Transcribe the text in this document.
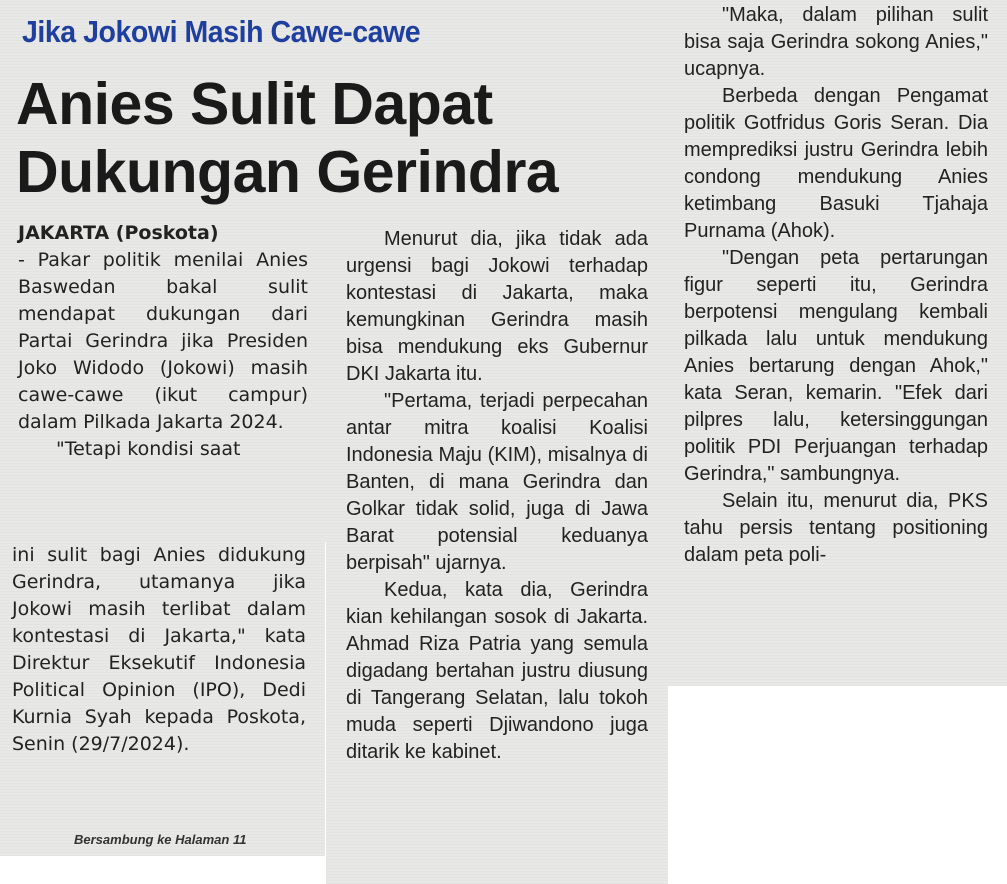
Jika Jokowi Masih Cawe-cawe
Anies Sulit Dapat
Dukungan Gerindra

JAKARTA (Poskota)

- Pakar politik menilai Anies Baswedan bakal sulit mendapat dukungan dari Partai Gerindra jika Presiden Joko Widodo (Jokowi) masih cawe-cawe (ikut campur) dalam Pilkada Jakarta 2024.

"Tetapi kondisi saat

ini sulit bagi Anies didukung Gerindra, utamanya jika Jokowi masih terlibat dalam kontestasi di Jakarta," kata Direktur Eksekutif Indonesia Political Opinion (IPO), Dedi Kurnia Syah kepada Poskota, Senin (29/7/2024).

Bersambung ke Halaman 11

Menurut dia, jika tidak ada urgensi bagi Jokowi terhadap kontestasi di Jakarta, maka kemungkinan Gerindra masih bisa mendukung eks Gubernur DKI Jakarta itu.

"Pertama, terjadi perpecahan antar mitra koalisi Koalisi Indonesia Maju (KIM), misalnya di Banten, di mana Gerindra dan Golkar tidak solid, juga di Jawa Barat potensial keduanya berpisah" ujarnya.

Kedua, kata dia, Gerindra kian kehilangan sosok di Jakarta. Ahmad Riza Patria yang semula digadang bertahan justru diusung di Tangerang Selatan, lalu tokoh muda seperti Djiwandono juga ditarik ke kabinet.

"Maka, dalam pilihan sulit bisa saja Gerindra sokong Anies," ucapnya.

Berbeda dengan Pengamat politik Gotfridus Goris Seran. Dia memprediksi justru Gerindra lebih condong mendukung Anies ketimbang Basuki Tjahaja Purnama (Ahok).

"Dengan peta pertarungan figur seperti itu, Gerindra berpotensi mengulang kembali pilkada lalu untuk mendukung Anies bertarung dengan Ahok," kata Seran, kemarin. "Efek dari pilpres lalu, ketersinggungan politik PDI Perjuangan terhadap Gerindra," sambungnya.

Selain itu, menurut dia, PKS tahu persis tentang positioning dalam peta poli-
